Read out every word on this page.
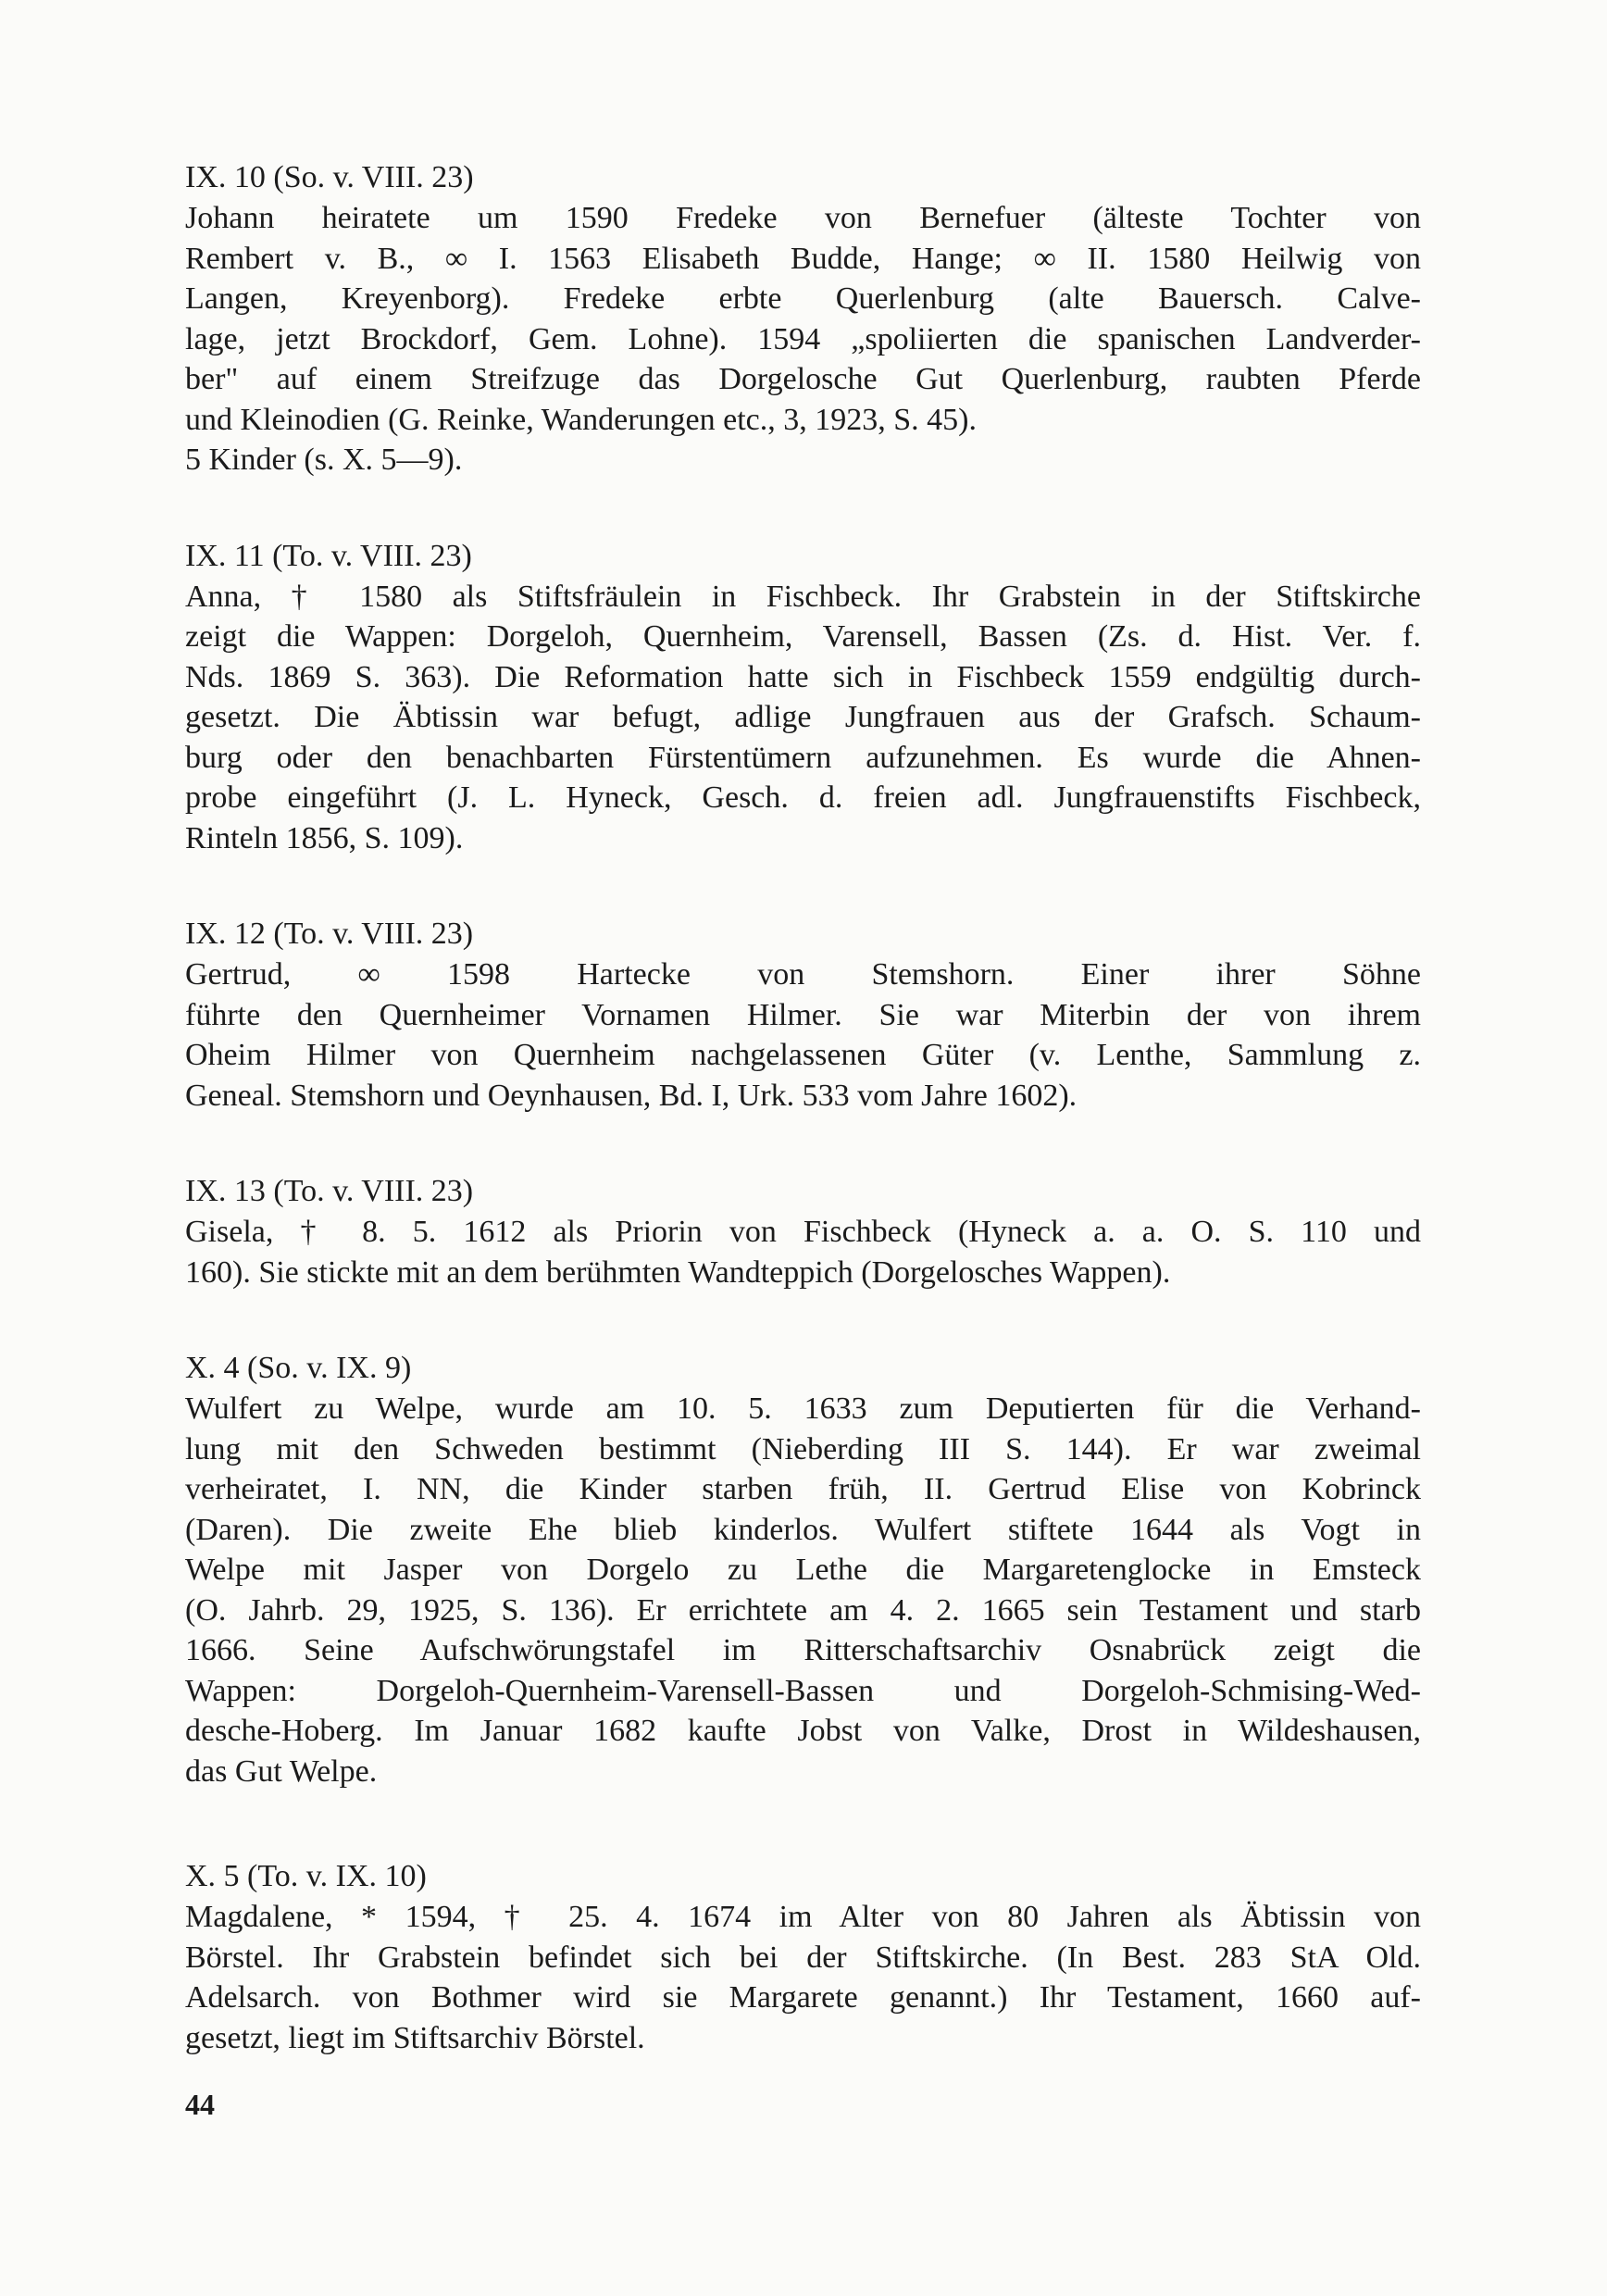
IX. 10 (So. v. VIII. 23)

Johann heiratete um 1590 Fredeke von Bernefuer (älteste Tochter von
Rembert v. B., ∞ I. 1563 Elisabeth Budde, Hange; ∞ II. 1580 Heilwig von
Langen, Kreyenborg). Fredeke erbte Querlenburg (alte Bauersch. Calve-
lage, jetzt Brockdorf, Gem. Lohne). 1594 „spoliierten die spanischen Landverder-
ber" auf einem Streifzuge das Dorgelosche Gut Querlenburg, raubten Pferde
und Kleinodien (G. Reinke, Wanderungen etc., 3, 1923, S. 45).
5 Kinder (s. X. 5—9).

IX. 11 (To. v. VIII. 23)

Anna, † 1580 als Stiftsfräulein in Fischbeck. Ihr Grabstein in der Stiftskirche
zeigt die Wappen: Dorgeloh, Quernheim, Varensell, Bassen (Zs. d. Hist. Ver. f.
Nds. 1869 S. 363). Die Reformation hatte sich in Fischbeck 1559 endgültig durch-
gesetzt. Die Äbtissin war befugt, adlige Jungfrauen aus der Grafsch. Schaum-
burg oder den benachbarten Fürstentümern aufzunehmen. Es wurde die Ahnen-
probe eingeführt (J. L. Hyneck, Gesch. d. freien adl. Jungfrauenstifts Fischbeck,
Rinteln 1856, S. 109).

IX. 12 (To. v. VIII. 23)

Gertrud, ∞ 1598 Hartecke von Stemshorn. Einer ihrer Söhne
führte den Quernheimer Vornamen Hilmer. Sie war Miterbin der von ihrem
Oheim Hilmer von Quernheim nachgelassenen Güter (v. Lenthe, Sammlung z.
Geneal. Stemshorn und Oeynhausen, Bd. I, Urk. 533 vom Jahre 1602).

IX. 13 (To. v. VIII. 23)

Gisela, † 8. 5. 1612 als Priorin von Fischbeck (Hyneck a. a. O. S. 110 und
160). Sie stickte mit an dem berühmten Wandteppich (Dorgelosches Wappen).

X. 4 (So. v. IX. 9)

Wulfert zu Welpe, wurde am 10. 5. 1633 zum Deputierten für die Verhand-
lung mit den Schweden bestimmt (Nieberding III S. 144). Er war zweimal
verheiratet, I. NN, die Kinder starben früh, II. Gertrud Elise von Kobrinck
(Daren). Die zweite Ehe blieb kinderlos. Wulfert stiftete 1644 als Vogt in
Welpe mit Jasper von Dorgelo zu Lethe die Margaretenglocke in Emsteck
(O. Jahrb. 29, 1925, S. 136). Er errichtete am 4. 2. 1665 sein Testament und starb
1666. Seine Aufschwörungstafel im Ritterschaftsarchiv Osnabrück zeigt die
Wappen: Dorgeloh-Quernheim-Varensell-Bassen und Dorgeloh-Schmising-Wed-
desche-Hoberg. Im Januar 1682 kaufte Jobst von Valke, Drost in Wildeshausen,
das Gut Welpe.

X. 5 (To. v. IX. 10)

Magdalene, * 1594, † 25. 4. 1674 im Alter von 80 Jahren als Äbtissin von
Börstel. Ihr Grabstein befindet sich bei der Stiftskirche. (In Best. 283 StA Old.
Adelsarch. von Bothmer wird sie Margarete genannt.) Ihr Testament, 1660 auf-
gesetzt, liegt im Stiftsarchiv Börstel.
44
